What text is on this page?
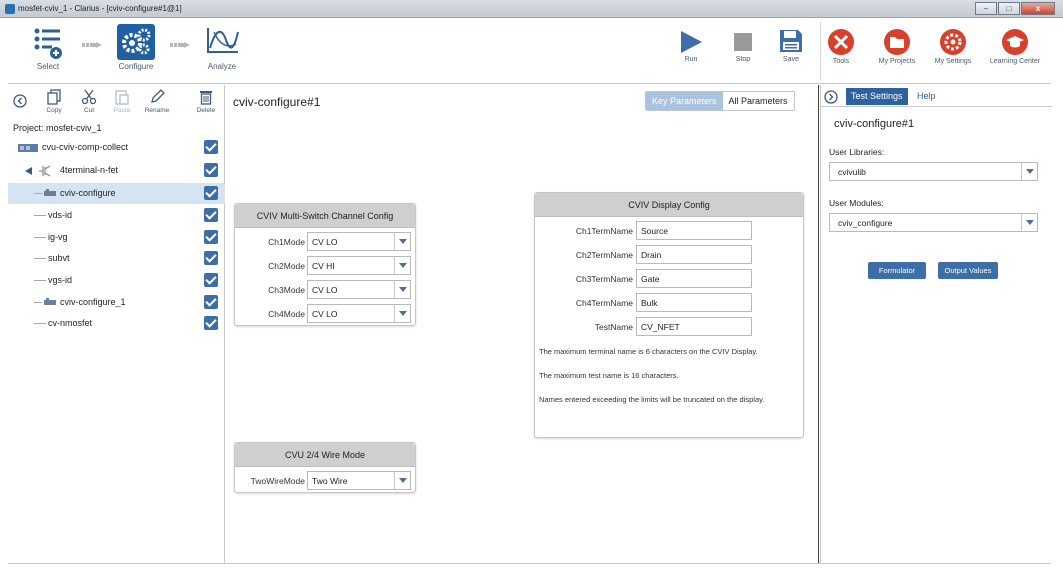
mosfet-cviv_1 - Clarius - [cviv-configure#1@1]	–	□	x
Select	Configure	Analyze
Run	Stop	Save	Tools	My Projects	My Settings	Learning Center
Copy	Cut	Paste	Rename	Delete
Project: mosfet-cviv_1
cvu-cviv-comp-collect
4terminal-n-fet
cviv-configure
vds-id
ig-vg
subvt
vgs-id
cviv-configure_1
cv-nmosfet
cviv-configure#1	Key Parameters	All Parameters
CVIV Multi-Switch Channel Config
Ch1Mode CV LO
Ch2Mode CV HI
Ch3Mode CV LO
Ch4Mode CV LO
CVU 2/4 Wire Mode
TwoWireMode Two Wire
CVIV Display Config
Ch1TermName Source
Ch2TermName Drain
Ch3TermName Gate
Ch4TermName Bulk
TestName CV_NFET
The maximum terminal name is 6 characters on the CVIV Display.
The maximum test name is 16 characters.
Names entered exceeding the limits will be truncated on the display.
Test Settings	Help
cviv-configure#1
User Libraries:
cvivulib
User Modules:
cviv_configure
Formulator	Output Values
